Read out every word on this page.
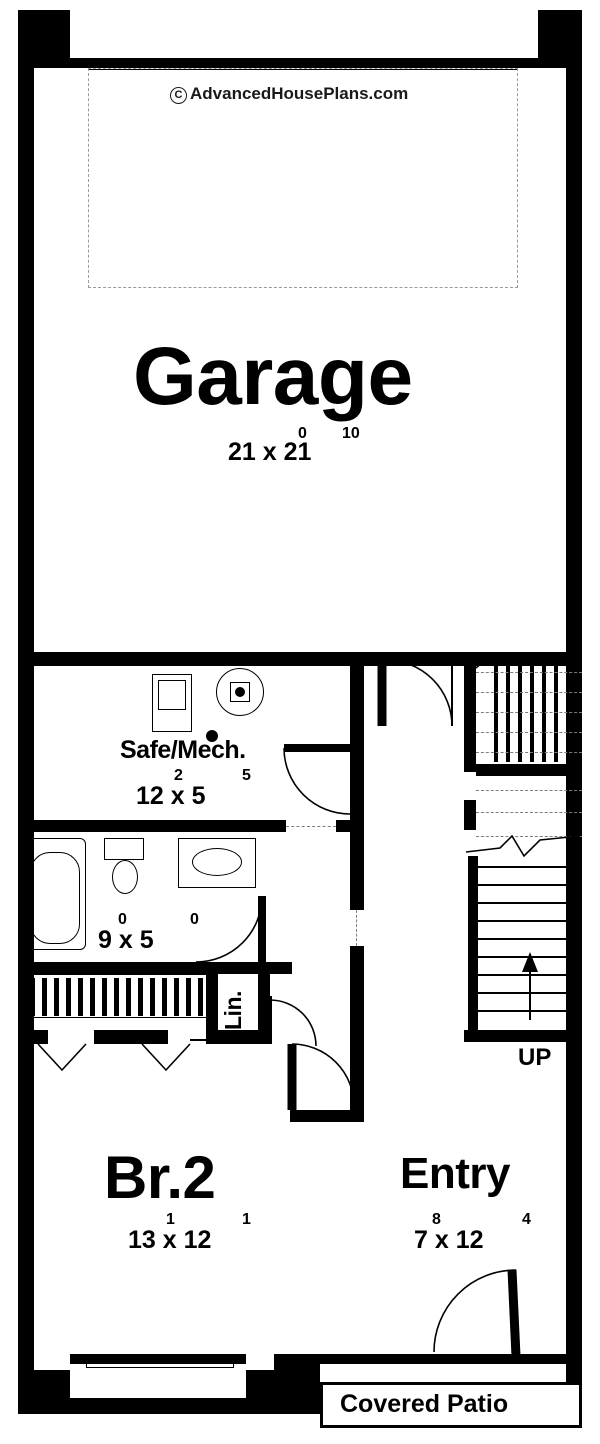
Garage
21 x 21
0 10
C AdvancedHousePlans.com
Safe/Mech.
12 x 5
2	5
9 x 5
0	0
Lin.
Br.2
13 x 12
1	1
Entry
7 x 12
8	4
UP
Covered Patio
